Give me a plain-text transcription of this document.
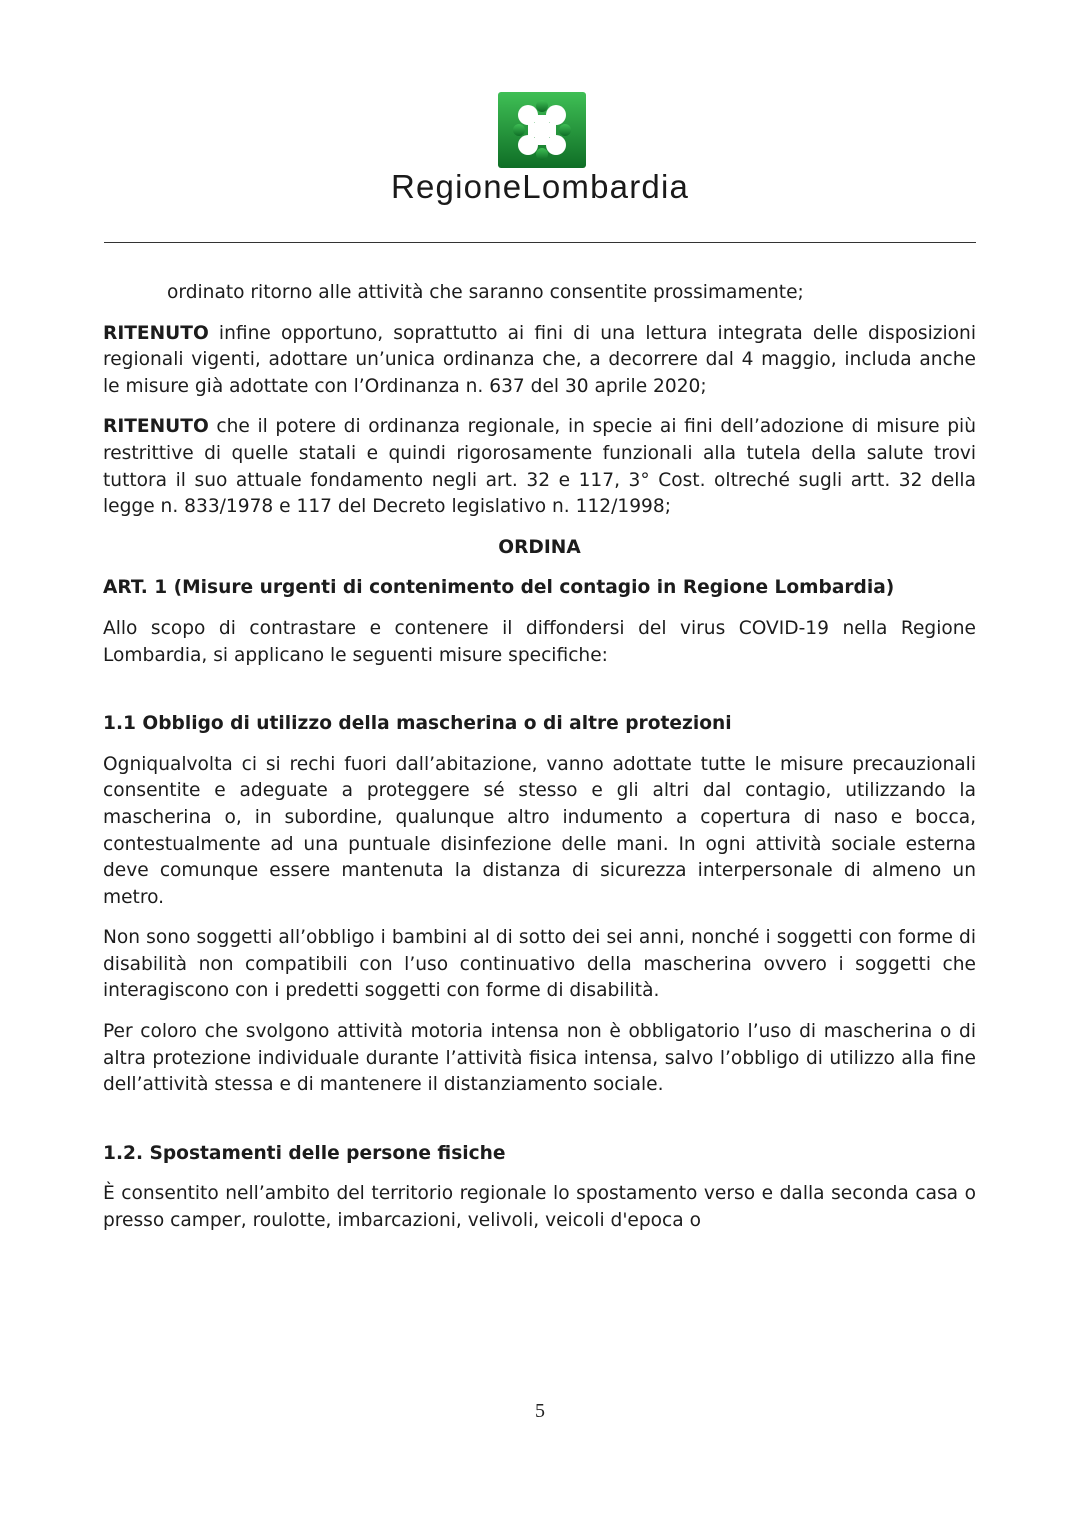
RegioneLombardia

ordinato ritorno alle attività che saranno consentite prossimamente;

RITENUTO infine opportuno, soprattutto ai fini di una lettura integrata delle disposizioni regionali vigenti, adottare un’unica ordinanza che, a decorrere dal 4 maggio, includa anche le misure già adottate con l’Ordinanza n. 637 del 30 aprile 2020;

RITENUTO che il potere di ordinanza regionale, in specie ai fini dell’adozione di misure più restrittive di quelle statali e quindi rigorosamente funzionali alla tutela della salute trovi tuttora il suo attuale fondamento negli art. 32 e 117, 3° Cost. oltreché sugli artt. 32 della legge n. 833/1978 e 117 del Decreto legislativo n. 112/1998;

ORDINA

ART. 1 (Misure urgenti di contenimento del contagio in Regione Lombardia)

Allo scopo di contrastare e contenere il diffondersi del virus COVID-19 nella Regione Lombardia, si applicano le seguenti misure specifiche:

1.1 Obbligo di utilizzo della mascherina o di altre protezioni

Ogniqualvolta ci si rechi fuori dall’abitazione, vanno adottate tutte le misure precauzionali consentite e adeguate a proteggere sé stesso e gli altri dal contagio, utilizzando la mascherina o, in subordine, qualunque altro indumento a copertura di naso e bocca, contestualmente ad una puntuale disinfezione delle mani. In ogni attività sociale esterna deve comunque essere mantenuta la distanza di sicurezza interpersonale di almeno un metro.

Non sono soggetti all’obbligo i bambini al di sotto dei sei anni, nonché i soggetti con forme di disabilità non compatibili con l’uso continuativo della mascherina ovvero i soggetti che interagiscono con i predetti soggetti con forme di disabilità.

Per coloro che svolgono attività motoria intensa non è obbligatorio l’uso di mascherina o di altra protezione individuale durante l’attività fisica intensa, salvo l’obbligo di utilizzo alla fine dell’attività stessa e di mantenere il distanziamento sociale.

1.2. Spostamenti delle persone fisiche

È consentito nell’ambito del territorio regionale lo spostamento verso e dalla seconda casa o presso camper, roulotte, imbarcazioni, velivoli, veicoli d'epoca o

5
